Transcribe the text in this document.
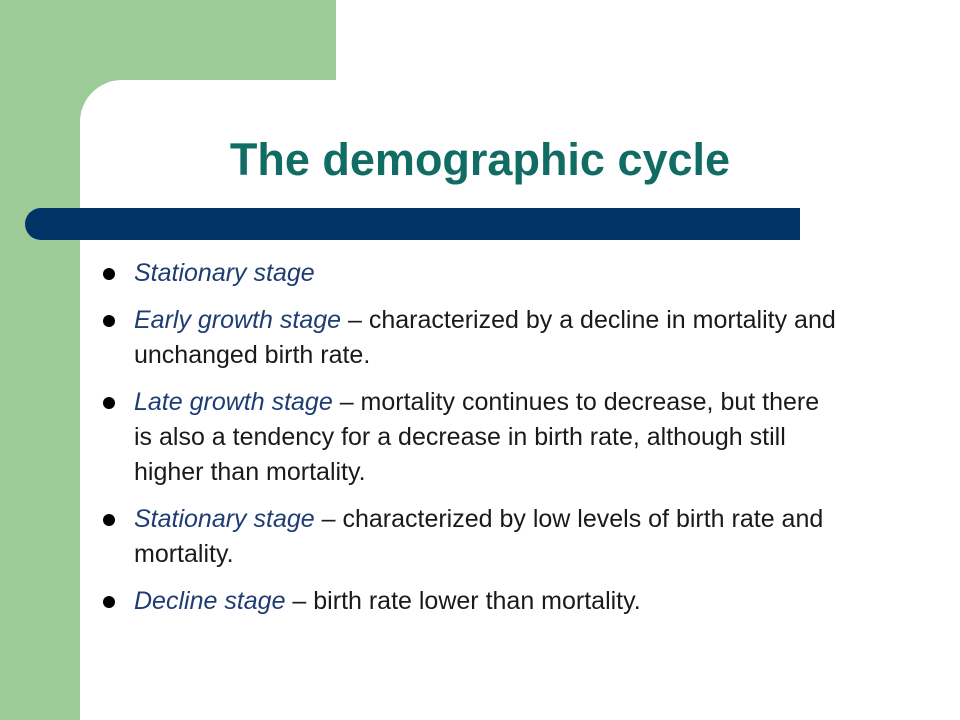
The demographic cycle
Stationary stage
Early growth stage – characterized by a decline in mortality and unchanged birth rate.
Late growth stage – mortality continues to decrease, but there is also a tendency for a decrease in birth rate, although still higher than mortality.
Stationary stage – characterized by low levels of birth rate and mortality.
Decline stage – birth rate lower than mortality.
